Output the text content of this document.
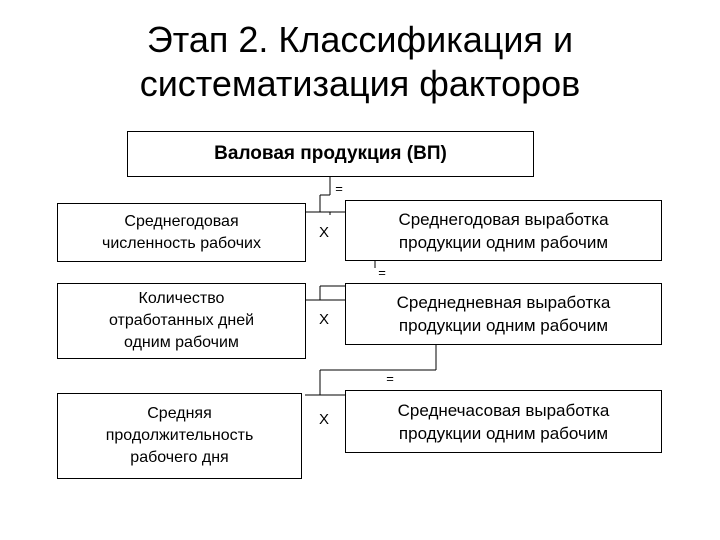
Этап 2. Классификация и
систематизация факторов
Валовая продукция (ВП)
Среднегодовая
численность рабочих
=
Х
Среднегодовая выработка
продукции одним рабочим
=
Количество
отработанных дней
одним рабочим
Х
Среднедневная выработка
продукции одним рабочим
=
Средняя
продолжительность
рабочего дня
Х	Среднечасовая выработка
продукции одним рабочим
